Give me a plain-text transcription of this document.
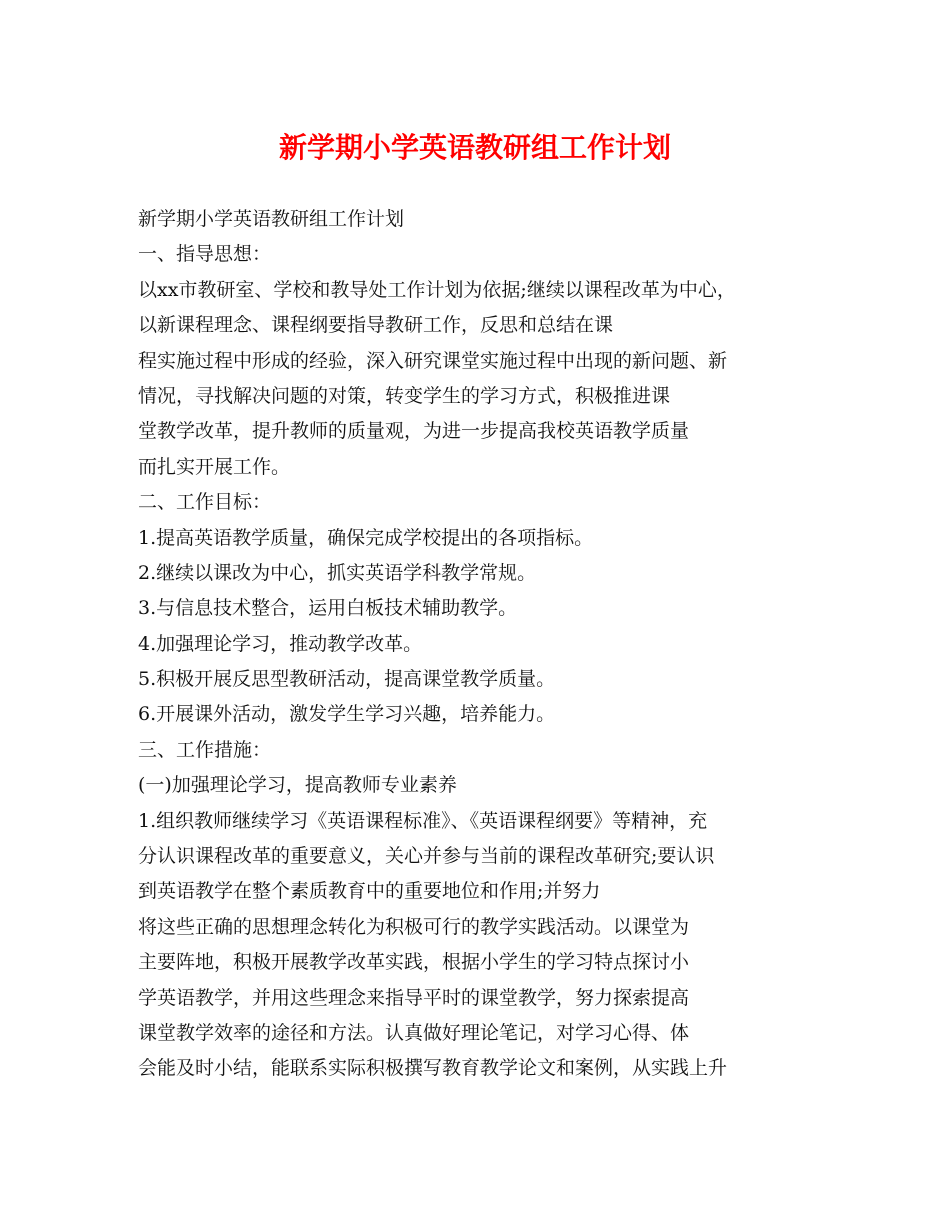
新学期小学英语教研组工作计划
新学期小学英语教研组工作计划
一、指导思想：
以xx市教研室、学校和教导处工作计划为依据;继续以课程改革为中心，
以新课程理念、课程纲要指导教研工作，反思和总结在课
程实施过程中形成的经验，深入研究课堂实施过程中出现的新问题、新
情况，寻找解决问题的对策，转变学生的学习方式，积极推进课
堂教学改革，提升教师的质量观，为进一步提高我校英语教学质量
而扎实开展工作。
二、工作目标：
1.提高英语教学质量，确保完成学校提出的各项指标。
2.继续以课改为中心，抓实英语学科教学常规。
3.与信息技术整合，运用白板技术辅助教学。
4.加强理论学习，推动教学改革。
5.积极开展反思型教研活动，提高课堂教学质量。
6.开展课外活动，激发学生学习兴趣，培养能力。
三、工作措施：
(一)加强理论学习，提高教师专业素养
1.组织教师继续学习《英语课程标准》、《英语课程纲要》等精神，充
分认识课程改革的重要意义，关心并参与当前的课程改革研究;要认识
到英语教学在整个素质教育中的重要地位和作用;并努力
将这些正确的思想理念转化为积极可行的教学实践活动。以课堂为
主要阵地，积极开展教学改革实践，根据小学生的学习特点探讨小
学英语教学，并用这些理念来指导平时的课堂教学，努力探索提高
课堂教学效率的途径和方法。认真做好理论笔记，对学习心得、体
会能及时小结，能联系实际积极撰写教育教学论文和案例，从实践上升
